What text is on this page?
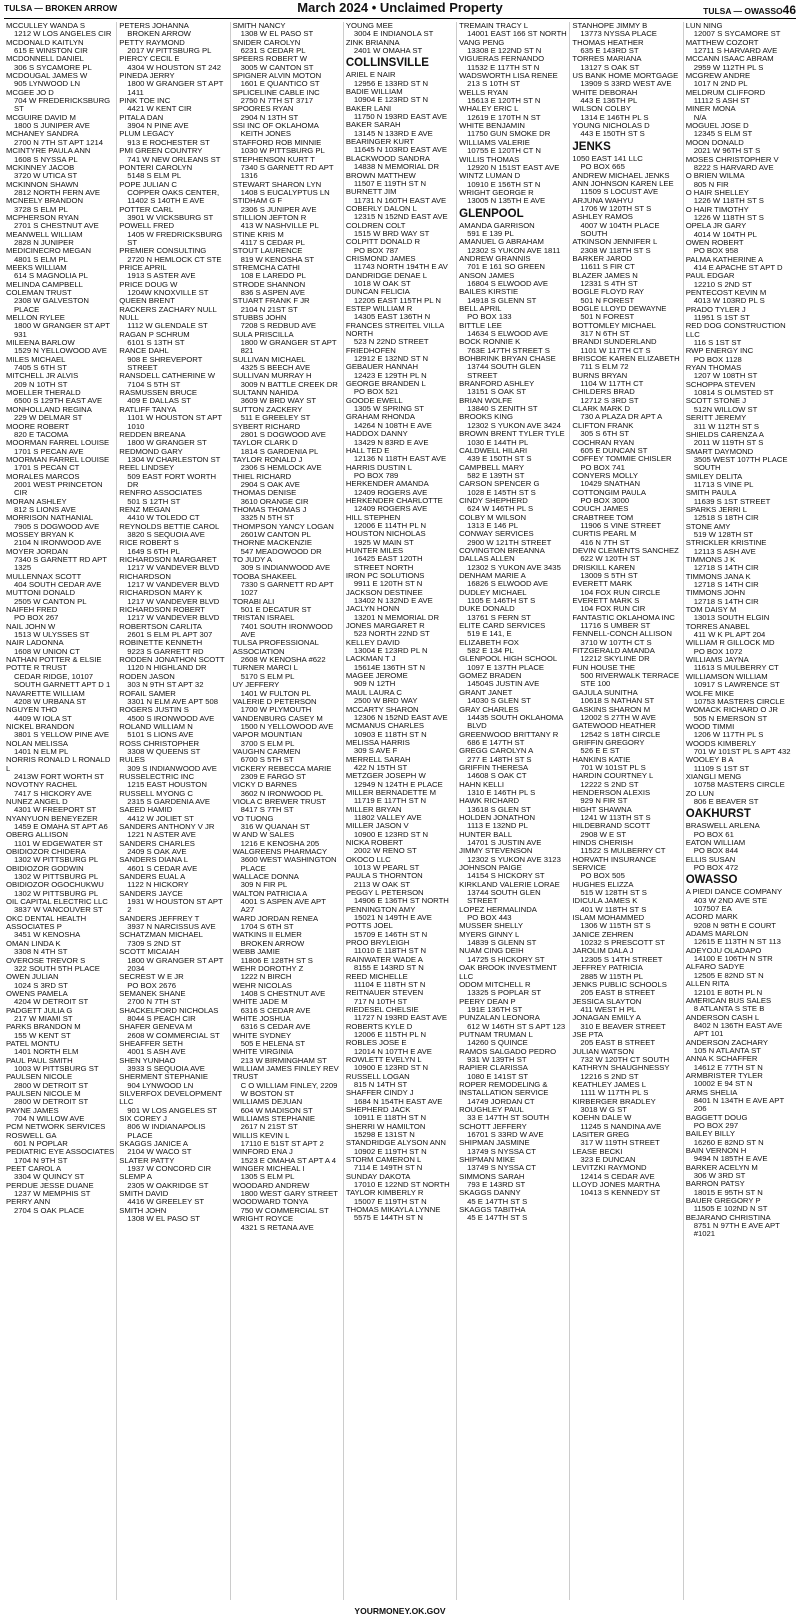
TULSA — BROKEN ARROW	March 2024 • Unclaimed Property	TULSA — OWASSO46
MCCULLEY WANDA S
1212 W LOS ANGELES CIR
MCDONALD KAITLYN
615 E WINSTON CIR
MCDONNELL DANIEL
306 S SYCAMORE PL
MCDOUGAL JAMES W
905 LYNWOOD LN
MCGEE JO D
704 W FREDERICKSBURG ST
MCGUIRE DAVID M
1800 S JUNIPER AVE
MCHANEY SANDRA
2700 N 7TH ST APT 1214
MCINTYRE PAULA ANN
1608 S NYSSA PL
MCKINNEY JACOB
3720 W UTICA ST
MCKINNON SHAWN
2812 NORTH FERN AVE
MCNEELY BRANDON
3728 S ELM PL
MCPHERSON RYAN
2701 S CHESTNUT AVE
MEANWELL WILLIAM
2828 N JUNIPER
MEDICINECRO MEGAN
4801 S ELM PL
MEEKS WILLIAM
614 S MAGNOLIA PL
MELINDA CAMPBELL
COLEMAN TRUST
2308 W GALVESTON PLACE
MELLON RYLEE
1800 W GRANGER ST APT 931
MILEENA BARLOW
1529 N YELLOWOOD AVE
MILES MICHAEL
7405 S 6TH ST
MITCHELL JR ALVIS
209 N 10TH ST
MOELLER THERALD
6500 S 129TH EAST AVE
MONHOLLAND REGINA
229 W DELMAR ST
MOORE ROBERT
820 E TACOMA
MOORMAN FARREL LOUISE
1701 S PECAN AVE
MOORMAN FARREL LOUISE
1701 S PECAN CT
MORALES MARCOS
2001 WEST PRINCETON CIR
MORAN ASHLEY
812 S LIONS AVE
MORRISON NATHANIAL
7905 S DOGWOOD AVE
MOSSEY BRYAN K
2104 N IRONWOOD AVE
MOYER JORDAN
7340 S GARNETT RD APT 1325
MULLENNAX SCOTT
404 SOUTH CEDAR AVE
MUTTONI DONALD
2505 W CANTON PL
NAIFEH FRED
PO BOX 267
NAIL JOHN W
1513 W ULYSSES ST
NAIR LADONNA
1608 W UNION CT
NATHAN POTTER & ELSIE POTTE R TRUST
CEDAR RIDGE, 10107 SOUTH GARNETT APT D 1
NAVARETTE WILLIAM
4208 W URBANA ST
NGUYEN THO
4409 W IOLA ST
NICKEL BRANDON
3801 S YELLOW PINE AVE
NOLAN MELISSA
1401 N ELM PL
NORRIS RONALD L RONALD L
2413W FORT WORTH ST
NOVOTNY RACHEL
7417 S HICKORY AVE
NUNEZ ANGEL D
4301 W FREEPORT ST
NYANYUON BENEYEZER
1459 E OMAHA ST APT A6
OBERG ALLISON
1101 W EDGEWATER ST
OBIDIOZOR CHIDERA
1302 W PITTSBURG PL
OBIDIOZOR GODWIN
1302 W PITTSBURG PL
OBIDIOZOR OGOCHUKWU
1302 W PITTSBURG PL
OIL CAPITAL ELECTRIC LLC
3837 W VANCOUVER ST
OKC DENTAL HEALTH ASSOCIATES P
3451 W KENOSHA
OMAN LINDA K
3308 N 4TH ST
OVEROSE TREVOR S
322 SOUTH 5TH PLACE
OWEN JULIAN
1024 S 3RD ST
OWENS PAMELA
4204 W DETROIT ST
PADGETT JULIA G
217 W MIAMI ST
PARKS BRANDON M
155 W KENT ST
PATEL MONTU
1401 NORTH ELM
PAUL PAUL SMITH
1003 W PITTSBURG ST
PAULSEN NICOLE
2800 W DETROIT ST
PAULSEN NICOLE M
2800 W DETROIT ST
PAYNE JAMES
704 N WILLOW AVE
PCM NETWORK SERVICES
ROSWELL GA
601 N POPLAR
PEDIATRIC EYE ASSOCIATES
1704 N 9TH ST
PEET CAROL A
3304 W QUINCY ST
PERDUE JESSE DUANE
1237 W MEMPHIS ST
PERRY ANN
2704 S OAK PLACE
PETERS JOHANNA
BROKEN ARROW
PETTY RAYMOND
2017 W PITTSBURG PL
PIERCY CECIL E
4304 W HOUSTON ST 242
PINEDA JERRY
1800 W GRANGER ST APT 1411
PINK TOE INC
4421 W KENT CIR
PITALA DAN
3904 N PINE AVE
PLUM LEGACY
913 E ROCHESTER ST
PMI GREEN COUNTRY
741 W NEW ORLEANS ST
PONTERI CAROLYN
5148 S ELM PL
POPE JULIAN C
COPPER OAKS CENTER, 11402 S 140TH E AVE
POTTER CARL
3901 W VICKSBURG ST
POWELL FRED
1405 W FREDRICKSBURG ST
PREMIER CONSULTING
2720 N HEMLOCK CT STE
PRICE APRIL
1913 S ASTER AVE
PRICE DOUG W
1204W KNOXVILLE ST
QUEEN BRENT
RACKERS ZACHARY NULL NULL
1112 W GLENDALE ST
RAGAN P SCHRUM
6101 S 13TH ST
RANCE DAHL
908 E SHREVEPORT STREET
RANSDELL CATHERINE W
7104 S 5TH ST
RASMUSSEN BRUCE
409 E DALLAS ST
RATLIFF TANYA
1101 W HOUSTON ST APT 1010
REDDEN BREANA
1800 W GRANGER ST
REDMOND GARY
1304 W CHARLESTON ST
REEL LINDSEY
509 EAST FORT WORTH DR
RENFRO ASSOCIATES
501 S 12TH ST
RENZ MEGAN
4410 W TOLEDO CT
REYNOLDS BETTIE CAROL
3820 S SEQUOIA AVE
RICE ROBERT S
1649 S 6TH PL
RICHARDSON MARGARET
1217 W VANDEVER BLVD
RICHARDSON
1217 W VANDEVER BLVD
RICHARDSON MARY K
1217 W VANDEVER BLVD
RICHARDSON ROBERT
1217 W VANDEVER BLVD
ROBERTSON CARLITA
2601 S ELM PL APT 307
ROBINETTE KENNETH
9223 S GARRETT RD
RODDEN JONATHON SCOTT
1120 N HIGHLAND DR
RODEN JASON
303 N 9TH ST APT 32
ROFAIL SAMER
3301 N ELM AVE APT 508
ROGERS JUSTIN S
4500 S IRONWOOD AVE
ROLAND WILLIAM N
5101 S LIONS AVE
ROSS CHRISTOPHER
3308 W QUEENS ST
RULES
309 S INDIANWOOD AVE
RUSSELECTRIC INC
1215 EAST HOUSTON
RUSSELL MYONG C
2315 S GARDENIA AVE
SAEED HAMID
4412 W JOLIET ST
SANDERS ANTHONY V JR
1221 N ASTER AVE
SANDERS CHARLES
2409 S OAK AVE
SANDERS DIANA L
4601 S CEDAR AVE
SANDERS EUAL A
1122 N HICKORY
SANDERS JAYCE
1931 W HOUSTON ST APT 2
SANDERS JEFFREY T
3937 N NARCISSUS AVE
SCHATZMAN MICHAEL
7309 S 2ND ST
SCOTT MICAIAH
1800 W GRANGER ST APT 2034
SECREST W E JR
PO BOX 2676
SEMANEK SHANE
2700 N 7TH ST
SHACKELFORD NICHOLAS
8044 S PEACH CIR
SHAFER GENEVA M
2608 W COMMERCIAL ST
SHEAFFER SETH
4001 S ASH AVE
SHEN YUNHAO
3933 S SEQUOIA AVE
SHERMENT STEPHANIE
904 LYNWOOD LN
SILVERFOX DEVELOPMENT LLC
901 W LOS ANGELES ST
SIX COREY J
806 W INDIANAPOLIS PLACE
SKAGGS JANICE A
2104 W WACO ST
SLATER PATTY
1937 W CONCORD CIR
SLEMP A
2305 W OAKRIDGE ST
SMITH DAVID
4416 W GREELEY ST
SMITH JOHN
1308 W EL PASO ST
SMITH NANCY
1308 W EL PASO ST
SNIDER CAROLYN
6231 S CEDAR PL
SPEERS ROBERT W
3005 W CANTON ST
SPIGNER ALVIN MOTON
1601 E QUANTICO ST
SPLICELINE CABLE INC
2750 N 7TH ST 3717
SPOORES RYAN
2904 N 13TH ST
SSI INC OF OKLAHOMA
KEITH JONES
STAFFORD ROB MINNIE
1030 W PITTSBURG PL
STEPHENSON KURT T
7340 S GARNETT RD APT 1316
STEWART SHARON LYN
1408 S EUCALYPTUS LN
STIDHAM G F
2306 S JUNIPER AVE
STILLION JEFTON R
413 W NASHVILLE PL
STINE KRIS M
4117 S CEDAR PL
STOUT LAURENCE
819 W KENOSHA ST
STREMCHA CATHI
108 E LAREDO PL
STRODE SHANNON
836 S ASPEN AVE
STUART FRANK F JR
2104 N 21ST ST
STUBBS JOHN
7208 S REDBUD AVE
SULA PRISCILLA
1800 W GRANGER ST APT 821
SULLIVAN MICHAEL
4325 S BEECH AVE
SULLIVAN MURRAY H
3009 N BATTLE CREEK DR
SULTANN NAHIDA
3609 W BRD WAY ST
SUTTON ZACKERY
511 E GREELEY ST
SYBERT RICHARD
2801 S DOGWOOD AVE
TAYLOR CLARK D
1814 S GARDENIA PL
TAYLOR RONALD J
2306 S HEMLOCK AVE
THIEL RICHARD
2904 S OAK AVE
THOMAS DENISE
3610 ORANGE CIR
THOMAS THOMAS J
3325 N 5TH ST
THOMPSON YANCY LOGAN
2601W CANTON PL
THORNE MACKENZIE
547 MEADOWOOD DR
TO JUDY A
309 S INDIANWOOD AVE
TOOBA SHAKEEL
7330 S GARNETT RD APT 1027
TORABI ALI
501 E DECATUR ST
TRISTAN ISRAEL
7401 SOUTH IRONWOOD AVE
TULSA PROFESSIONAL ASSOCIATION
2608 W KENOSHA #622
TURNER MARCI L
5170 S ELM PL
UY JEFFERY
1401 W FULTON PL
VALERIE D PETERSON
1700 W PLYMOUTH
VANDENBURG CASEY M
1500 N YELLOWOOD AVE
VAPOR MOUNTIAN
3700 S ELM PL
VAUGHN CARMEN
6700 S 5TH ST
VICKERY REBECCA MARIE
2309 E FARGO ST
VICKY D BARNES
3602 N IRONWOOD PL
VIOLA C BREWER TRUST
8417 S 7TH ST
VO TUONG
316 W QUANAH ST
W AND W SALES
1216 E KENOSHA 205
WALGREENS PHARMACY
3600 WEST WASHINGTON PLACE
WALLACE DONNA
309 N FIR PL
WALTON PATRICIA A
4001 S ASPEN AVE APT A27
WARD JORDAN RENEA
1704 S 6TH ST
WATKINS II ELMER
BROKEN ARROW
WEBB JAMIE
11806 E 128TH ST S
WEHR DOROTHY Z
1222 N BIRCH
WEHR NICOLAS
1408 S CHESTNUT AVE
WHITE JADE M
6316 S CEDAR AVE
WHITE JOSHUA
6316 S CEDAR AVE
WHITE SYDNEY
505 E HELENA ST
WHITE VIRGINIA
213 W BIRMINGHAM ST
WILLIAM JAMES FINLEY REV TRUST
C O WILLIAM FINLEY, 2209 W BOSTON ST
WILLIAMS DEJUAN
604 W MADISON ST
WILLIAMS STEPHANIE
2617 N 21ST ST
WILLIS KEVIN L
17110 E 51ST ST APT 2
WINFORD ENA J
1523 E OMAHA ST APT A 4
WINGER MICHEAL I
1305 S ELM PL
WOODARD ANDREW
1800 WEST GARY STREET
WOODWARD TONYA
750 W COMMERCIAL ST
WRIGHT ROYCE
4321 S RETANA AVE
YOUNG MEE
3004 E INDIANOLA ST
ZINK BRIANNA
2401 W OMAHA ST
COLLINSVILLE
ARIEL E NAIR
12956 E 133RD ST N
BADIE WILLIAM
10904 E 123RD ST N
BAKER LANI
11750 N 193RD EAST AVE
BAKER SARAH
13145 N 133RD E AVE
BEARINGER KURT
11645 N 103RD EAST AVE
BLACKWOOD SANDRA
14838 N MEMORIAL DR
BROWN MATTHEW
11507 E 119TH ST N
BURNETT JIM
11731 N 160TH EAST AVE
COBERLY DALON L
12315 N 152ND EAST AVE
COLDREN COLT
1515 W BRD WAY ST
COLPITT DONALD R
PO BOX 787
CRISMOND JAMES
11743 NORTH 194TH E AV
DANDRIDGE DENAE L
1018 W OAK ST
DUNCAN FELICIA
12205 EAST 115TH PL N
ESTEP WILLIAM R
14305 EAST 136TH N
FRANCES STREITEL VILLA NORTH
523 N 22ND STREET
FRIEDHOFEN
12912 E 132ND ST N
GEBAUER HANNAH
12423 E 129TH PL N
GEORGE BRANDEN L
PO BOX 521
GOODE EWELL
1305 W SPRING ST
GRAHAM RHONDA
14264 N 108TH E AVE
HADDOX DANNY
13429 N 83RD E AVE
HALL TED E
12136 N 118TH EAST AVE
HARRIS DUSTIN L
PO BOX 789
HERKENDER AMANDA
12409 ROGERS AVE
HERKENDER CHARLOTTE
12409 ROGERS AVE
HILL STEPHEN
12006 E 114TH PL N
HOUSTON NICHOLAS
1925 W MAIN ST
HUNTER MILES
16425 EAST 120TH STREET NORTH
IRON PC SOLUTIONS
9911 E 120TH ST N
JACKSON DESTINEE
13402 N 132ND E AVE
JACLYN HONN
13201 N MEMORIAL DR
JONES MARGARET R
523 NORTH 22ND ST
KELLEY DAVID
13004 E 123RD PL N
LACKMAN T J
15614E 136TH ST N
MAGEE JEROME
909 N 12TH
MAUL LAURA C
2500 W BRD WAY
MCCARTY SHARON
12306 N 152ND EAST AVE
MCMANUS CHARLES
10903 E 118TH ST N
MELISSA HARRIS
309 S AVE F
MERRELL SARAH
422 N 15TH ST
METZGER JOSEPH W
12949 N 124TH E PLACE
MILLER BERNADETTE M
11719 E 117TH ST N
MILLER BRYAN
11802 VALLEY AVE
MILLER JASON V
10900 E 123RD ST N
NICKA ROBERT
2002 W RENO ST
OKOCO LLC
1013 W PEARL ST
PAULA S THORNTON
2113 W OAK ST
PEGGY L PETERSON
14906 E 136TH ST NORTH
PENNINGTON AMY
15021 N 149TH E AVE
POTTS JOEL
15709 E 146TH ST N
PROO BRYLEIGH
11010 E 118TH ST N
RAINWATER WADE A
8155 E 143RD ST N
REED MICHELLE
11104 E 118TH ST N
REITNAUER STEVEN
717 N 10TH ST
RIEDESEL CHELSIE
11727 N 193RD EAST AVE
ROBERTS KYLE D
12006 E 115TH PL N
ROBLES JOSE E
12014 N 107TH E AVE
ROWLETT EVELYN L
10900 E 123RD ST N
RUSSELL LOGAN
815 N 14TH ST
SHAFFER CINDY J
1684 N 154TH EAST AVE
SHEPHERD JACK
10911 E 118TH ST N
SHERRI W HAMILTON
15298 E 131ST N
STANDRIDGE ALYSON ANN
10902 E 119TH ST N
STORM CAMERON L
7114 E 149TH ST N
SUNDAY DAKOTA
17010 E 122ND ST NORTH
TAYLOR KIMBERLY R
15007 E 119TH ST N
THOMAS MIKAYLA LYNNE
5575 E 144TH ST N
TREMAIN TRACY L
14001 EAST 166 ST NORTH
VANG PENG
13308 E 122ND ST N
VIGUERAS FERNANDO
11532 E 117TH ST N
WADSWORTH LISA RENEE
213 S 10TH ST
WELLS RYAN
15613 E 120TH ST N
WHALEY ERIC L
12619 E 170TH N ST
WHITE BENJAMIN
11750 GUN SMOKE DR
WILLIAMS VALERIE
10755 E 120TH CT N
WILLIS THOMAS
12920 N 151ST EAST AVE
WINTZ LUMAN D
10910 E 156TH ST N
WRIGHT GEORGE R
13005 N 135TH E AVE
GLENPOOL
AMANDA GARRISON
591 E 139 PL
AMANUEL G ABRAHAM
12302 S YUKON AVE 1811
ANDREW GRANNIS
701 E 161 SO GREEN
ANSON JAMES
16804 S ELWOOD AVE
BAILES KIRSTIE
14918 S GLENN ST
BELL APRIL
PO BOX 133
BITTLE LEE
14634 S ELWOOD AVE
BOCK RONNIE K
763E 147TH STREET S
BOHBRINK BRYAN CHASE
13744 SOUTH GLEN STREET
BRANFORD ASHLEY
13151 S OAK ST
BRIAN WOLFE
13840 S ZENITH ST
BROOKS KING
12302 S YUKON AVE 3424
BROWN BRENT TYLER TYLE
1030 E 144TH PL
CALDWELL HILARI
439 E 150TH ST S
CAMPBELL MARY
582 E 139TH ST
CARSON SPENCER G
1028 E 145TH ST S
CINDY SHEPHERD
624 W 146TH PL S
COLBY M WILSON
1313 E 146 PL
CONWAY SERVICES
2900 W 121TH STREET
COVINGTON BREANNA
DALLAS ALLEN
12302 S YUKON AVE 3435
DENHAM MARIE A
16826 S ELWOOD AVE
DUDLEY MICHAEL
1105 E 146TH ST S
DUKE DONALD
13761 S FERN ST
ELITE CARD SERVICES
519 E 141, E
ELIZABETH FOX
582 E 134 PL
GLENPOOL HIGH SCHOOL
1097 E 137TH PLACE
GOMEZ BRADEN
14504S JUSTIN AVE
GRANT JANET
14030 S GLEN ST
GRAY CHARLES
14435 SOUTH OKLAHOMA BLVD
GREENWOOD BRITTANY R
686 E 147TH ST
GREGG CAROLYN A
277 E 148TH ST S
GRIFFIN THERESA
14608 S OAK CT
HAHN KELLI
1310 E 146TH PL S
HAWK RICHARD
13618 S GLEN ST
HOLDEN JONATHON
1113 E 132ND PL
HUNTER BALL
14701 S JUSTIN AVE
JIMMY STEVENSON
12302 S YUKON AVE 3123
JOHNSON PAIGE
14154 S HICKORY ST
KIRKLAND VALERIE LORAE
13744 SOUTH GLEN STREET
LOPEZ HERMALINDA
PO BOX 443
MUSSER SHELLY
MYERS GINNY L
14839 S GLENN ST
NUAM CING DEIH
14725 S HICKORY ST
OAK BROOK INVESTMENT LLC
ODOM MITCHELL R
13325 S POPLAR ST
PEERY DEAN P
191E 136TH ST
PUNZALAN LEONORA
612 W 146TH ST S APT 123
PUTNAM TRUMAN L
14260 S QUINCE
RAMOS SALGADO PEDRO
931 W 139TH ST
RAPIER CLARISSA
1080 E 141ST ST
ROPER REMODELING & INSTALLATION SERVICE
14749 JORDAN CT
ROUGHLEY PAUL
33 E 147TH ST SOUTH
SCHOTT JEFFERY
16701 S 33RD W AVE
SHIPMAN JASMINE
13749 S NYSSA CT
SHIPMAN MIKE
13749 S NYSSA CT
SIMMONS SARAH
793 E 143RD ST
SKAGGS DANNY
45 E 147TH ST S
SKAGGS TABITHA
45 E 147TH ST S
STANHOPE JIMMY B
13773 NYSSA PLACE
THOMAS HEATHER
635 E 143RD ST
TORRES MARIANA
13127 S OAK ST
US BANK HOME MORTGAGE
13909 S 33RD WEST AVE
WHITE DEBORAH
443 E 136TH PL
WILSON COLBY
1314 E 146TH PL S
YOUNG NICHOLAS D
443 E 150TH ST S
JENKS
1050 EAST 141 LLC
PO BOX 665
ANDREW MICHAEL JENKS
ANN JOHNSON KAREN LEE
11509 S LOCUST AVE
ARJUNA WAHYU
1706 W 120TH ST S
ASHLEY RAMOS
4007 W 104TH PLACE SOUTH
ATKINSON JENNIFER L
2308 W 118TH ST S
BARKER JAROD
11611 S FIR CT
BLAZER JAMES N
12331 S 4TH ST
BOGLE FLOYD RAY
501 N FOREST
BOGLE LLOYD DEWAYNE
501 N FOREST
BOTTOMLEY MICHAEL
317 N 6TH ST
BRANDI SUNDERLAND
1101 W 117TH CT S
BRISCOE KAREN ELIZABETH
711 S ELM 72
BURNS BRYAN
1104 W 117TH CT
CHILDERS BRAD
12712 S 3RD ST
CLARK MARK D
730 A PLAZA DR APT A
CLIFTON FRANK
305 S 6TH ST
COCHRAN RYAN
605 E DUNCAN ST
COFFEY TOMMIE CHISLER
PO BOX 741
CONYERS MOLLY
10429 SNATHAN
COTTONGIM PAULA
PO BOX 3000
COUCH JAMES
CRABTREE TOM
11906 S VINE STREET
CURTIS PEARL M
416 N 7TH ST
DEVIN CLEMENTS SANCHEZ
622 W 120TH ST
DRISKILL KAREN
13009 S 5TH ST
EVERETT MARK
104 FOX RUN CIRCLE
EVERETT MARK S
104 FOX RUN CIR
FANTASTIC OKLAHOMA INC
11716 S UMBER ST
FENNELL-CONCH ALLISON
3710 W 107TH CT S
FITZGERALD AMANDA
12212 SKYLINE DR
FUN HOUSE THE
500 RIVERWALK TERRACE STE 100
GAJULA SUNITHA
10618 S NATHAN ST
GASKINS SHARON M
12002 S 27TH W AVE
GATEWOOD HEATHER
12542 S 18TH CIRCLE
GRIFFIN GREGORY
526 E E ST
HANKINS KATIE
701 W 101ST PL S
HARDIN COURTNEY L
12222 S 2ND ST
HENDERSON ALEXIS
929 N FIR ST
HIGHT SHAWNA
1241 W 113TH ST S
HILDEBRAND SCOTT
2908 W E ST
HINDS CHERISH
11522 S MULBERRY CT
HORVATH INSURANCE SERVICE
PO BOX 505
HUGHES ELIZZA
515 W 128TH ST S
IDICULA JAMES K
401 W 118TH ST S
ISLAM MOHAMMED
1306 W 115TH ST S
JANICE ZEHREN
10232 S PRESCOTT ST
JAROLIM DALA J
12305 S 14TH STREET
JEFFREY PATRICIA
2885 W 115TH PL
JENKS PUBLIC SCHOOLS
205 EAST B STREET
JESSICA SLAYTON
411 WEST H PL
JONAGAN EMILY A
310 E BEAVER STREET
JSE PTA
205 EAST B STREET
JULIAN WATSON
732 W 120TH CT SOUTH
KATHRYN SHAUGHNESSY
12216 S 2ND ST
KEATHLEY JAMES L
1111 W 117TH PL S
KIRBERGER BRADLEY
3018 W G ST
KOEHN DALE W
11245 S NANDINA AVE
LASITER GREG
317 W 119TH STREET
LEASE BECKI
323 E DUNCAN
LEVITZKI RAYMOND
12414 S CEDAR AVE
LLOYD JONES MARTHA
10413 S KENNEDY ST
LUN NING
12007 S SYCAMORE ST
MATTHEW COZORT
12711 S HARVARD AVE
MCCANN ISAAC ABRAM
2959 W 112TH PL S
MCGREW ANDRE
1017 N 2ND PL
MELDRUM CLIFFORD
11112 S ASH ST
MINER MONA
N/A
MOGUEL JOSE D
12345 S ELM ST
MOON DONALD
2021 W 96TH ST S
MOSES CHRISTOPHER V
8222 S HARVARD AVE
O BRIEN WILMA
805 N FIR
O HAIR SHELLEY
1226 W 118TH ST S
O HAIR TIMOTHY
1226 W 118TH ST S
OPELA JR GARY
4014 W 104TH PL
OWEN ROBERT
PO BOX 958
PALMA KATHERINE A
414 E APACHE ST APT D
PAUL EDGAR
12210 S 2ND ST
PENTECOST KEVIN M
4013 W 103RD PL S
PRADO TYLER J
11951 S 1ST ST
RED DOG CONSTRUCTION LLC
116 S 1ST ST
RWP ENERGY INC
PO BOX 1128
RYAN THOMAS
1207 W 108TH ST
SCHOPPA STEVEN
10814 S OLMSTED ST
SCOTT STONE J
512N WILLOW ST
SERITT JEREMY
311 W 112TH ST S
SHIELDS CARENZA A
2011 W 119TH ST S
SMART DAYMOND
3505 WEST 107TH PLACE SOUTH
SMILEY DELITA
11713 S VINE PL
SMITH PAULA
11639 S 1ST STREET
SPARKS JERRI L
12518 S 18TH CIR
STONE AMY
519 W 128TH ST
STRICKLER KRISTINE
12113 S ASH AVE
TIMMONS J K
12718 S 14TH CIR
TIMMONS JANA K
12718 S 14TH CIR
TIMMONS JOHN
12718 S 14TH CIR
TOM DAISY M
13013 SOUTH ELGIN
TORRES ANABEL
411 W K PL APT 204
WILLIAM R GILLOCK MD
PO BOX 1072
WILLIAMS JAYNA
11613 S MULBERRY CT
WILLIAMSON WILLIAM
10917 S LAWRENCE ST
WOLFE MIKE
10753 MASTERS CIRCLE
WOMACK RICHARD O JR
505 N EMERSON ST
WOOD TIMMI
1206 W 117TH PL S
WOODS KIMBERLY
701 W 101ST PL S APT 432
WOOLEY B A
11109 S 1ST ST
XIANGLI MENG
10758 MASTERS CIRCLE
ZO LUN
806 E BEAVER ST
OAKHURST
BRASWELL ARLENA
PO BOX 61
EATON WILLIAM
PO BOX 844
ELLIS SUSAN
PO BOX 472
OWASSO
A PIEDI DANCE COMPANY
403 W 2ND AVE STE 107507 EA
ACORD MARK
9208 N 98TH E COURT
ADAMS MARLON
12615 E 113TH N ST 113
ADEYOJU OLADAPO
14100 E 106TH N STR
ALFARO SADYE
12505 E 82ND ST N
ALLEN RITA
12101 E 80TH PL N
AMERICAN BUS SALES
8 ATLANTA S STE B
ANDERSON CASH L
8402 N 136TH EAST AVE APT 101
ANDERSON ZACHARY
105 N ATLANTA ST
ANNA K SCHAFFER
14612 E 77TH ST N
ARMBRISTER TYLER
10002 E 94 ST N
ARMS SHELIA
8401 N 134TH E AVE APT 206
BAGGETT DOUG
PO BOX 297
BAILEY BILLY
16260 E 82ND ST N
BAIN VERNON H
9494 N 185TH E AVE
BARKER ACELYN M
306 W 3RD ST
BARRON PATSY
18015 E 95TH ST N
BAUER GREGORY P
11505 E 102ND N ST
BEJARANO CHRISTINA
8751 N 97TH E AVE APT #1021
YOURMONEY.OK.GOV
